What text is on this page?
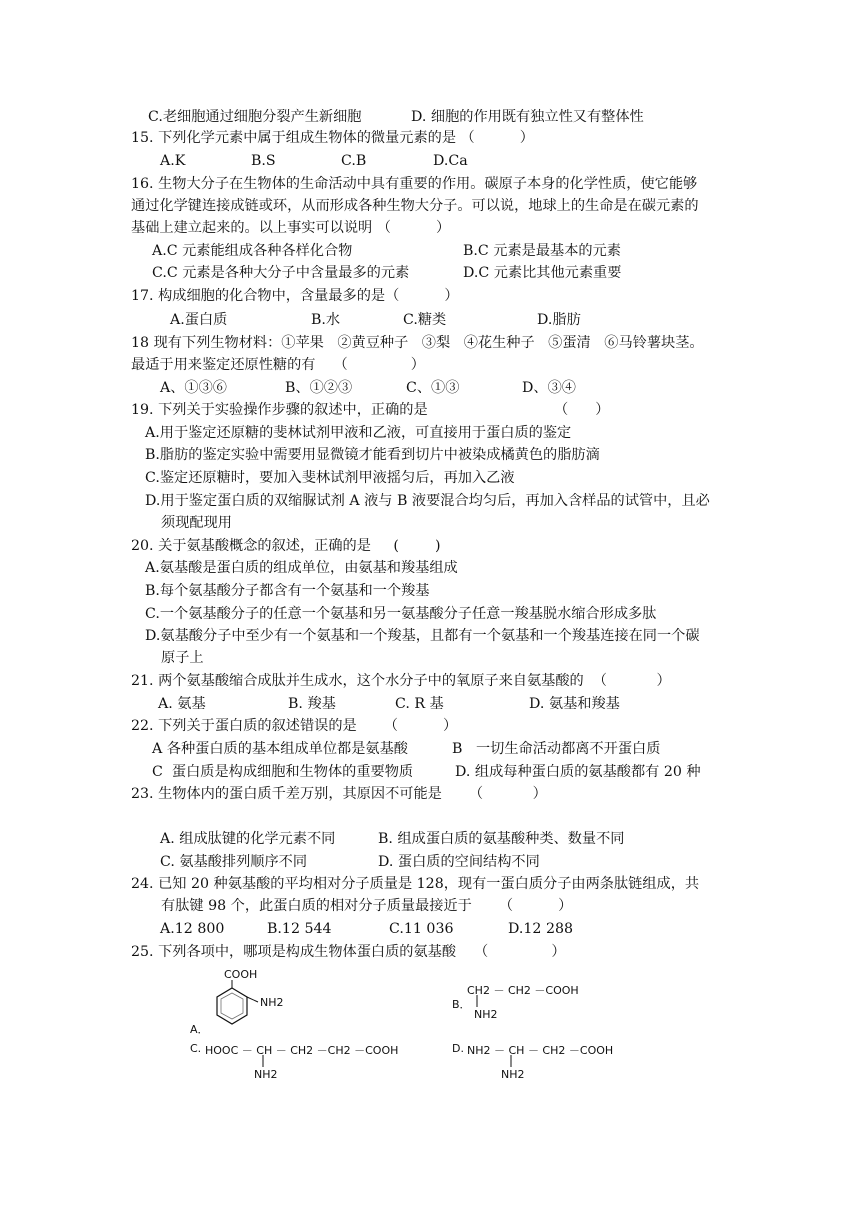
C.老细胞通过细胞分裂产生新细胞	D. 细胞的作用既有独立性又有整体性
15. 下列化学元素中属于组成生物体的微量元素的是 （          ）
A.K	B.S	C.B	D.Ca
16. 生物大分子在生物体的生命活动中具有重要的作用。碳原子本身的化学性质，使它能够
通过化学键连接成链或环，从而形成各种生物大分子。可以说，地球上的生命是在碳元素的
基础上建立起来的。以上事实可以说明 （          ）
A.C 元素能组成各种各样化合物	B.C 元素是最基本的元素
C.C 元素是各种大分子中含量最多的元素	D.C 元素比其他元素重要
17. 构成细胞的化合物中，含量最多的是（          ）
A.蛋白质	B.水	C.糖类	D.脂肪
18 现有下列生物材料：①苹果   ②黄豆种子   ③梨   ④花生种子   ⑤蛋清   ⑥马铃薯块茎。
最适于用来鉴定还原性糖的有    （              ）
A、①③⑥	B、①②③	C、①③	D、③④
19. 下列关于实验操作步骤的叙述中，正确的是	（      ）
A.用于鉴定还原糖的斐林试剂甲液和乙液，可直接用于蛋白质的鉴定
B.脂肪的鉴定实验中需要用显微镜才能看到切片中被染成橘黄色的脂肪滴
C.鉴定还原糖时，要加入斐林试剂甲液摇匀后，再加入乙液
D.用于鉴定蛋白质的双缩脲试剂 A 液与 B 液要混合均匀后，再加入含样品的试管中，且必
须现配现用
20. 关于氨基酸概念的叙述，正确的是     (        )
A.氨基酸是蛋白质的组成单位，由氨基和羧基组成
B.每个氨基酸分子都含有一个氨基和一个羧基
C.一个氨基酸分子的任意一个氨基和另一氨基酸分子任意一羧基脱水缩合形成多肽
D.氨基酸分子中至少有一个氨基和一个羧基，且都有一个氨基和一个羧基连接在同一个碳
原子上
21. 两个氨基酸缩合成肽并生成水，这个水分子中的氧原子来自氨基酸的  （           ）
A. 氨基	B. 羧基	C. R 基	D. 氨基和羧基
22. 下列关于蛋白质的叙述错误的是      （          ）
A 各种蛋白质的基本组成单位都是氨基酸	B   一切生命活动都离不开蛋白质
C  蛋白质是构成细胞和生物体的重要物质	D. 组成每种蛋白质的氨基酸都有 20 种
23. 生物体内的蛋白质千差万别，其原因不可能是      （           ）
A. 组成肽键的化学元素不同	B. 组成蛋白质的氨基酸种类、数量不同
C. 氨基酸排列顺序不同	D. 蛋白质的空间结构不同
24. 已知 20 种氨基酸的平均相对分子质量是 128，现有一蛋白质分子由两条肽链组成，共
有肽键 98 个，此蛋白质的相对分子质量最接近于      （          ）
A.12 800	B.12 544	C.11 036	D.12 288
25. 下列各项中，哪项是构成生物体蛋白质的氨基酸    （              ）
A．
COOH
NH2	B．
CH2 － CH2 －COOH
NH2
C. HOOC － CH － CH2 －CH2 －COOH
NH2
D. NH2 － CH － CH2 －COOH
NH2
